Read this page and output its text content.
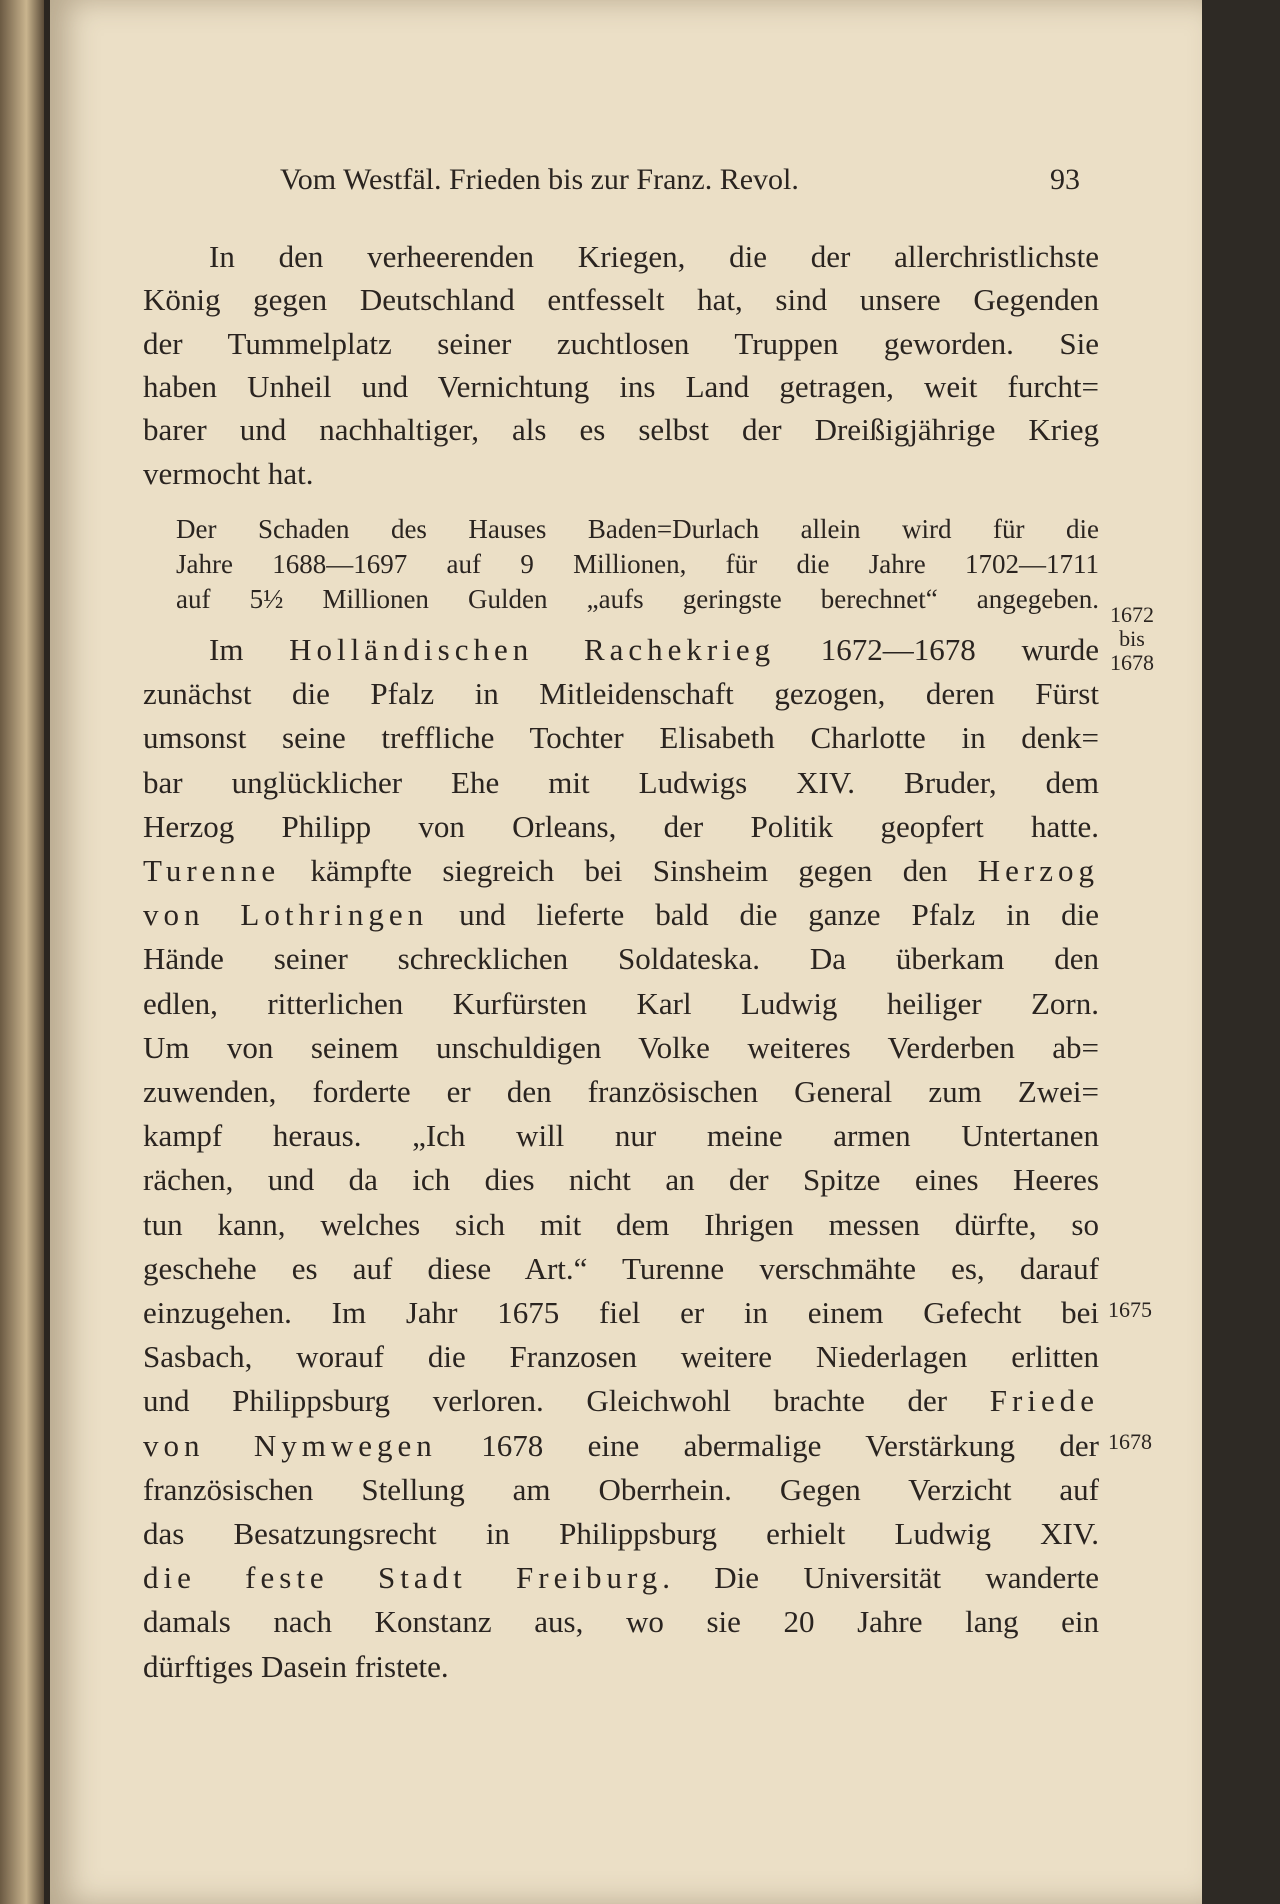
Vom Westfäl. Frieden bis zur Franz. Revol.	93
In den verheerenden Kriegen, die der allerchristlichste
König gegen Deutschland entfesselt hat, sind unsere Gegenden
der Tummelplatz seiner zuchtlosen Truppen geworden. Sie
haben Unheil und Vernichtung ins Land getragen, weit furcht=
barer und nachhaltiger, als es selbst der Dreißigjährige Krieg
vermocht hat.
Der Schaden des Hauses Baden=Durlach allein wird für die
Jahre 1688—1697 auf 9 Millionen, für die Jahre 1702—1711
auf 5½ Millionen Gulden „aufs geringste berechnet“ angegeben.
Im Holländischen Rachekrieg 1672—1678 wurde
zunächst die Pfalz in Mitleidenschaft gezogen, deren Fürst
umsonst seine treffliche Tochter Elisabeth Charlotte in denk=
bar unglücklicher Ehe mit Ludwigs XIV. Bruder, dem
Herzog Philipp von Orleans, der Politik geopfert hatte.
Turenne kämpfte siegreich bei Sinsheim gegen den Herzog
von Lothringen und lieferte bald die ganze Pfalz in die
Hände seiner schrecklichen Soldateska. Da überkam den
edlen, ritterlichen Kurfürsten Karl Ludwig heiliger Zorn.
Um von seinem unschuldigen Volke weiteres Verderben ab=
zuwenden, forderte er den französischen General zum Zwei=
kampf heraus. „Ich will nur meine armen Untertanen
rächen, und da ich dies nicht an der Spitze eines Heeres
tun kann, welches sich mit dem Ihrigen messen dürfte, so
geschehe es auf diese Art.“ Turenne verschmähte es, darauf
einzugehen. Im Jahr 1675 fiel er in einem Gefecht bei
Sasbach, worauf die Franzosen weitere Niederlagen erlitten
und Philippsburg verloren. Gleichwohl brachte der Friede
von Nymwegen 1678 eine abermalige Verstärkung der
französischen Stellung am Oberrhein. Gegen Verzicht auf
das Besatzungsrecht in Philippsburg erhielt Ludwig XIV.
die feste Stadt Freiburg. Die Universität wanderte
damals nach Konstanz aus, wo sie 20 Jahre lang ein
dürftiges Dasein fristete.
1672
bis
1678
1675
1678
